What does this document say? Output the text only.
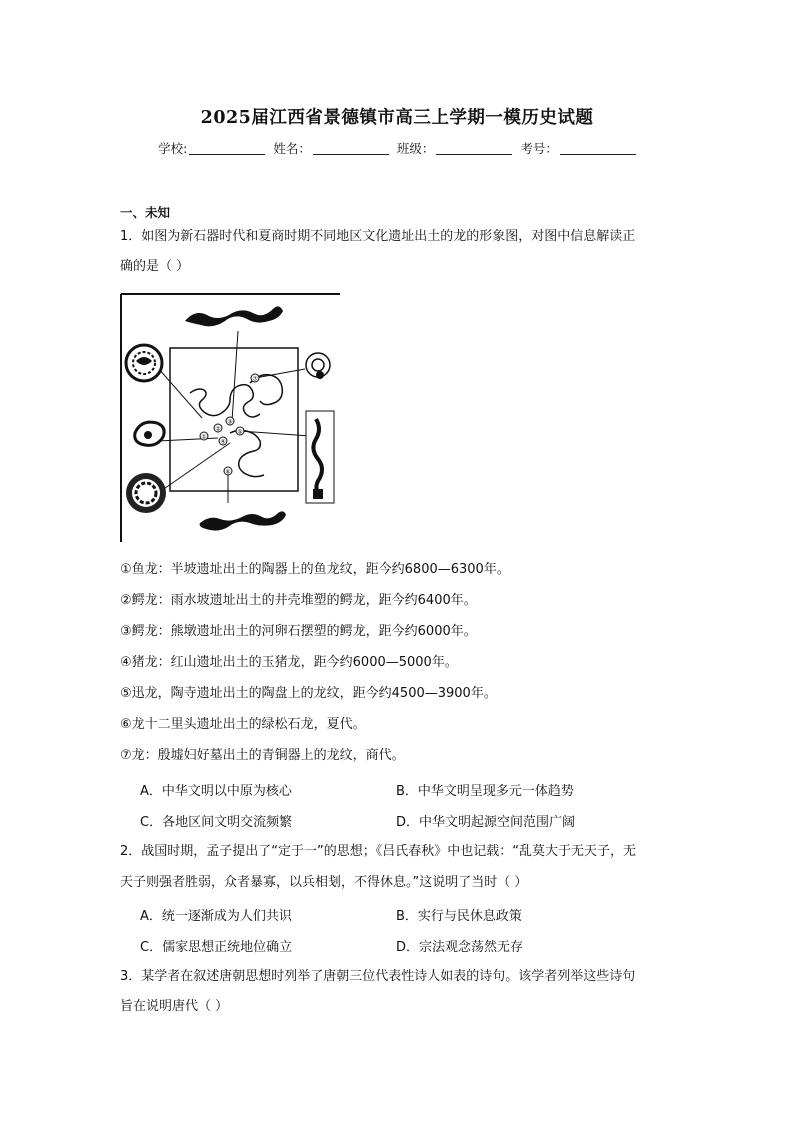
2025届江西省景德镇市高三上学期一模历史试题
学校:	姓名：	班级：	考号：
一、未知
1．如图为新石器时代和夏商时期不同地区文化遗址出土的龙的形象图，对图中信息解读正
确的是（ ）
①
②
③
④
⑤
⑥
⑦
①鱼龙：半坡遗址出土的陶器上的鱼龙纹，距今约6800—6300年。
②鳄龙：雨水坡遗址出土的井壳堆塑的鳄龙，距今约6400年。
③鳄龙：熊墩遗址出土的河卵石摆塑的鳄龙，距今约6000年。
④猪龙：红山遗址出土的玉猪龙，距今约6000—5000年。
⑤迅龙，陶寺遗址出土的陶盘上的龙纹，距今约4500—3900年。
⑥龙十二里头遗址出土的绿松石龙，夏代。
⑦龙：殷墟妇好墓出土的青铜器上的龙纹，商代。
A．中华文明以中原为核心	B．中华文明呈现多元一体趋势
C．各地区间文明交流频繁	D．中华文明起源空间范围广阔
2．战国时期，孟子提出了“定于一”的思想；《吕氏春秋》中也记载：“乱莫大于无天子，无
天子则强者胜弱，众者暴寡，以兵相刬，不得休息。”这说明了当时（ ）
A．统一逐渐成为人们共识	B．实行与民休息政策
C．儒家思想正统地位确立	D．宗法观念荡然无存
3．某学者在叙述唐朝思想时列举了唐朝三位代表性诗人如表的诗句。该学者列举这些诗句
旨在说明唐代（ ）
